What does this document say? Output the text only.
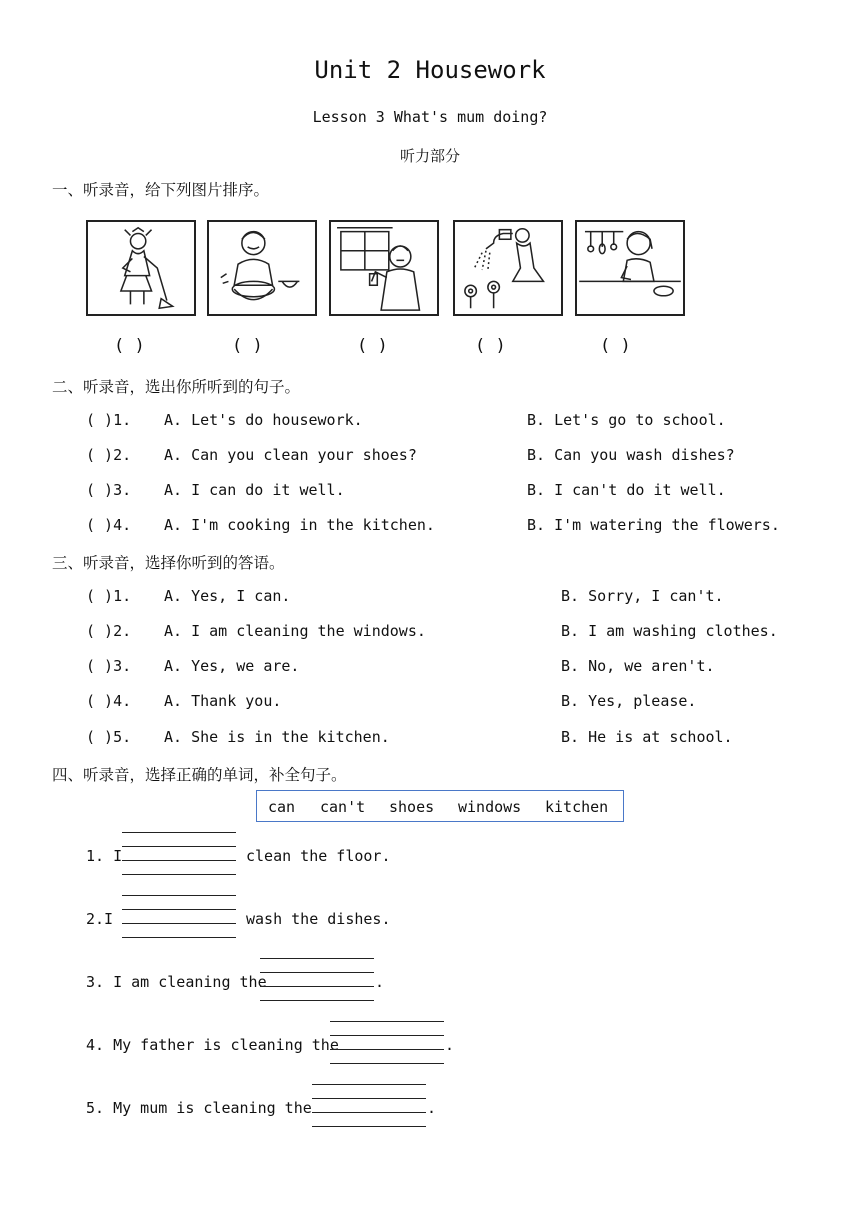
Unit 2 Housework
Lesson 3 What's mum doing?
听力部分
一、听录音，给下列图片排序。
( )	( )	( )	( )	( )
二、听录音，选出你所听到的句子。
( )1. A. Let's do housework.	B. Let's go to school.
( )2. A. Can you clean your shoes?	B. Can you wash dishes?
( )3. A. I can do it well.	B. I can't do it well.
( )4. A. I'm cooking in the kitchen.	B. I'm watering the flowers.
三、听录音，选择你听到的答语。
( )1. A. Yes, I can.	B. Sorry, I can't.
( )2. A. I am cleaning the windows.	B. I am washing clothes.
( )3. A. Yes, we are.	B. No, we aren't.
( )4. A. Thank you.	B. Yes, please.
( )5. A. She is in the kitchen.	B. He is at school.
四、听录音，选择正确的单词，补全句子。
can can't shoes windows kitchen
1. I	clean the floor.
2.I	wash the dishes.
3. I am cleaning the	.
4. My father is cleaning the	.
5. My mum is cleaning the	.
